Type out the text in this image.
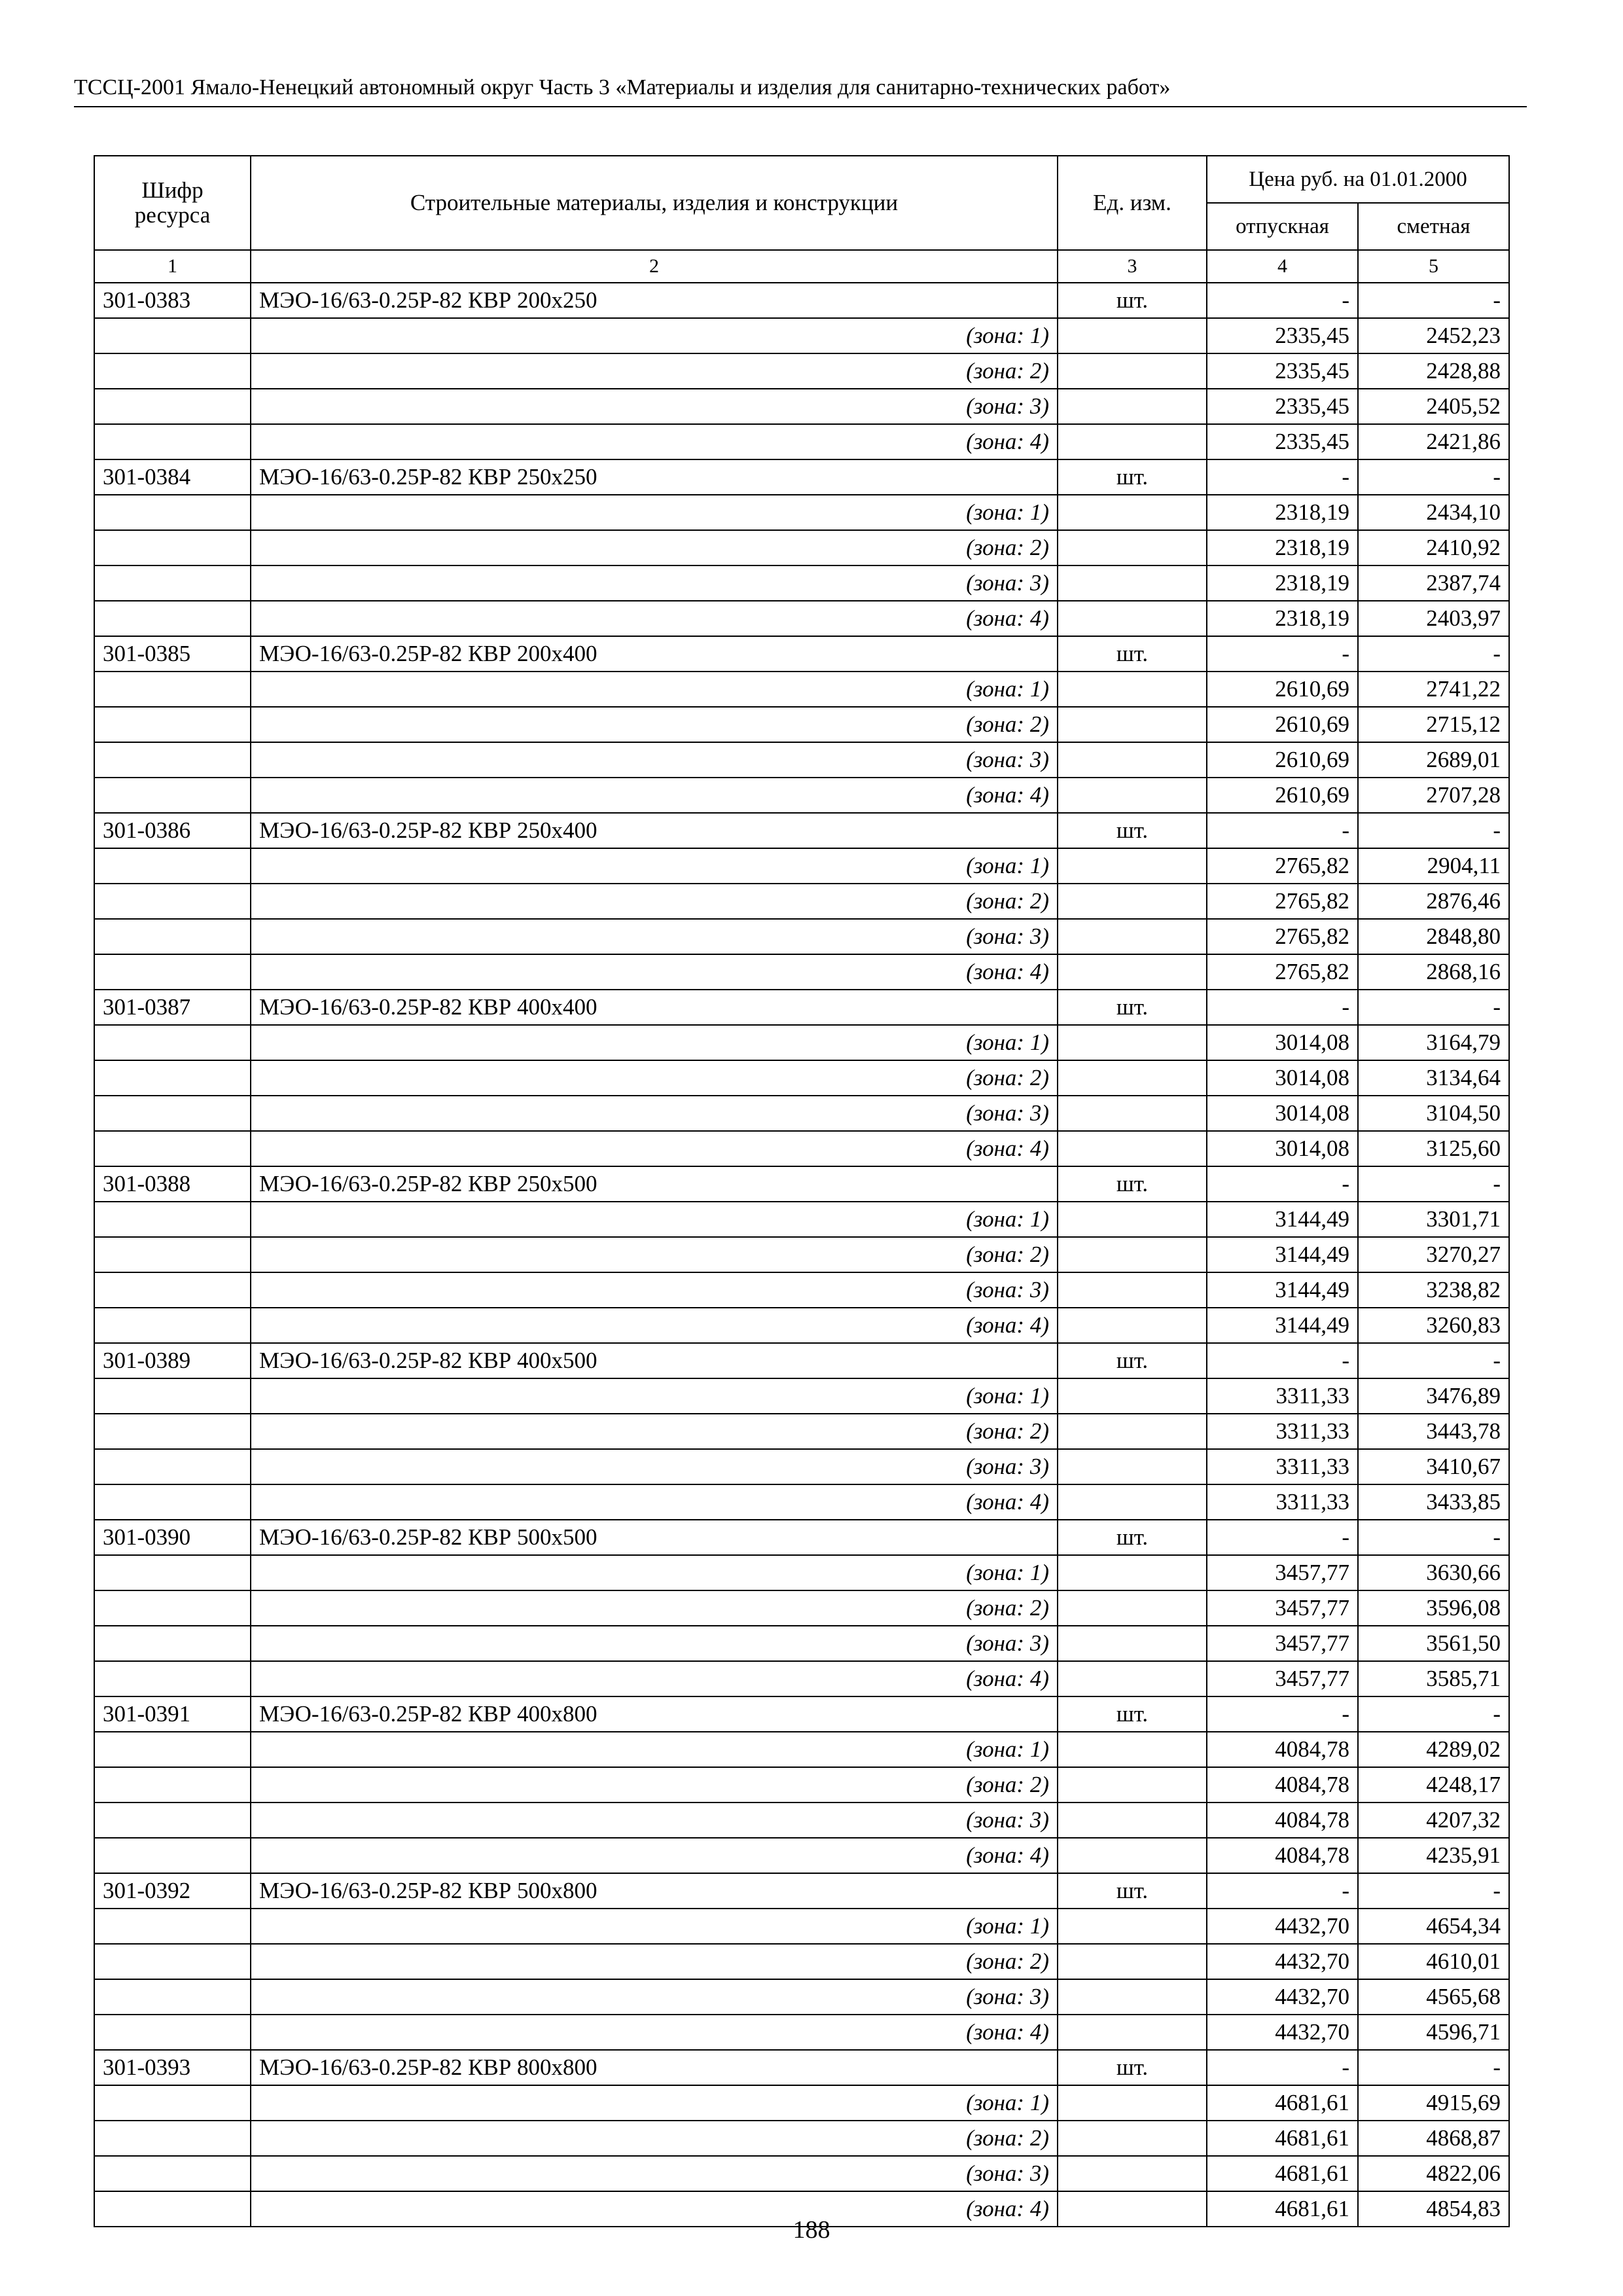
ТССЦ-2001 Ямало-Ненецкий автономный округ Часть 3 «Материалы и изделия для санитарно-технических работ»
Шифр ресурса	Строительные материалы, изделия и конструкции	Ед. изм.	Цена руб. на 01.01.2000	
			отпускная	сметная
1	2	3	4	5
301-0383	МЭО-16/63-0.25Р-82 КВР 200х250	шт.	-	-
	(зона: 1)		2335,45	2452,23
	(зона: 2)		2335,45	2428,88
	(зона: 3)		2335,45	2405,52
	(зона: 4)		2335,45	2421,86
301-0384	МЭО-16/63-0.25Р-82 КВР 250х250	шт.	-	-
	(зона: 1)		2318,19	2434,10
	(зона: 2)		2318,19	2410,92
	(зона: 3)		2318,19	2387,74
	(зона: 4)		2318,19	2403,97
301-0385	МЭО-16/63-0.25Р-82 КВР 200х400	шт.	-	-
	(зона: 1)		2610,69	2741,22
	(зона: 2)		2610,69	2715,12
	(зона: 3)		2610,69	2689,01
	(зона: 4)		2610,69	2707,28
301-0386	МЭО-16/63-0.25Р-82 КВР 250х400	шт.	-	-
	(зона: 1)		2765,82	2904,11
	(зона: 2)		2765,82	2876,46
	(зона: 3)		2765,82	2848,80
	(зона: 4)		2765,82	2868,16
301-0387	МЭО-16/63-0.25Р-82 КВР 400х400	шт.	-	-
	(зона: 1)		3014,08	3164,79
	(зона: 2)		3014,08	3134,64
	(зона: 3)		3014,08	3104,50
	(зона: 4)		3014,08	3125,60
301-0388	МЭО-16/63-0.25Р-82 КВР 250х500	шт.	-	-
	(зона: 1)		3144,49	3301,71
	(зона: 2)		3144,49	3270,27
	(зона: 3)		3144,49	3238,82
	(зона: 4)		3144,49	3260,83
301-0389	МЭО-16/63-0.25Р-82 КВР 400х500	шт.	-	-
	(зона: 1)		3311,33	3476,89
	(зона: 2)		3311,33	3443,78
	(зона: 3)		3311,33	3410,67
	(зона: 4)		3311,33	3433,85
301-0390	МЭО-16/63-0.25Р-82 КВР 500х500	шт.	-	-
	(зона: 1)		3457,77	3630,66
	(зона: 2)		3457,77	3596,08
	(зона: 3)		3457,77	3561,50
	(зона: 4)		3457,77	3585,71
301-0391	МЭО-16/63-0.25Р-82 КВР 400х800	шт.	-	-
	(зона: 1)		4084,78	4289,02
	(зона: 2)		4084,78	4248,17
	(зона: 3)		4084,78	4207,32
	(зона: 4)		4084,78	4235,91
301-0392	МЭО-16/63-0.25Р-82 КВР 500х800	шт.	-	-
	(зона: 1)		4432,70	4654,34
	(зона: 2)		4432,70	4610,01
	(зона: 3)		4432,70	4565,68
	(зона: 4)		4432,70	4596,71
301-0393	МЭО-16/63-0.25Р-82 КВР 800х800	шт.	-	-
	(зона: 1)		4681,61	4915,69
	(зона: 2)		4681,61	4868,87
	(зона: 3)		4681,61	4822,06
	(зона: 4)		4681,61	4854,83
188
